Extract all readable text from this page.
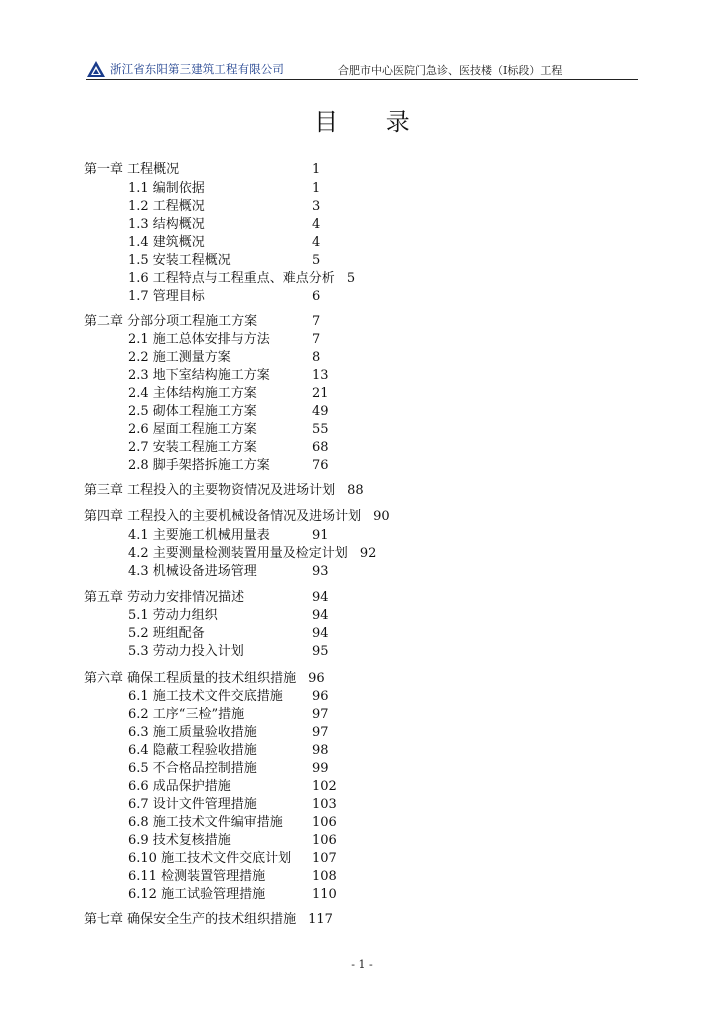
浙江省东阳第三建筑工程有限公司	合肥市中心医院门急诊、医技楼（Ⅰ标段）工程
目 录
第一章 工程概况	1
1.1 编制依据	1
1.2 工程概况	3
1.3 结构概况	4
1.4 建筑概况	4
1.5 安装工程概况	5
1.6 工程特点与工程重点、难点分析 5
1.7 管理目标	6
第二章 分部分项工程施工方案	7
2.1 施工总体安排与方法	7
2.2 施工测量方案	8
2.3 地下室结构施工方案	13
2.4 主体结构施工方案	21
2.5 砌体工程施工方案	49
2.6 屋面工程施工方案	55
2.7 安装工程施工方案	68
2.8 脚手架搭拆施工方案	76
第三章 工程投入的主要物资情况及进场计划 88
第四章 工程投入的主要机械设备情况及进场计划 90
4.1 主要施工机械用量表	91
4.2 主要测量检测装置用量及检定计划 92
4.3 机械设备进场管理	93
第五章 劳动力安排情况描述	94
5.1 劳动力组织	94
5.2 班组配备	94
5.3 劳动力投入计划	95
第六章 确保工程质量的技术组织措施 96
6.1 施工技术文件交底措施 96
6.2 工序“三检”措施	97
6.3 施工质量验收措施	97
6.4 隐蔽工程验收措施	98
6.5 不合格品控制措施	99
6.6 成品保护措施	102
6.7 设计文件管理措施	103
6.8 施工技术文件编审措施 106
6.9 技术复核措施	106
6.10 施工技术文件交底计划 107
6.11 检测装置管理措施	108
6.12 施工试验管理措施	110
第七章 确保安全生产的技术组织措施 117
- 1 -
